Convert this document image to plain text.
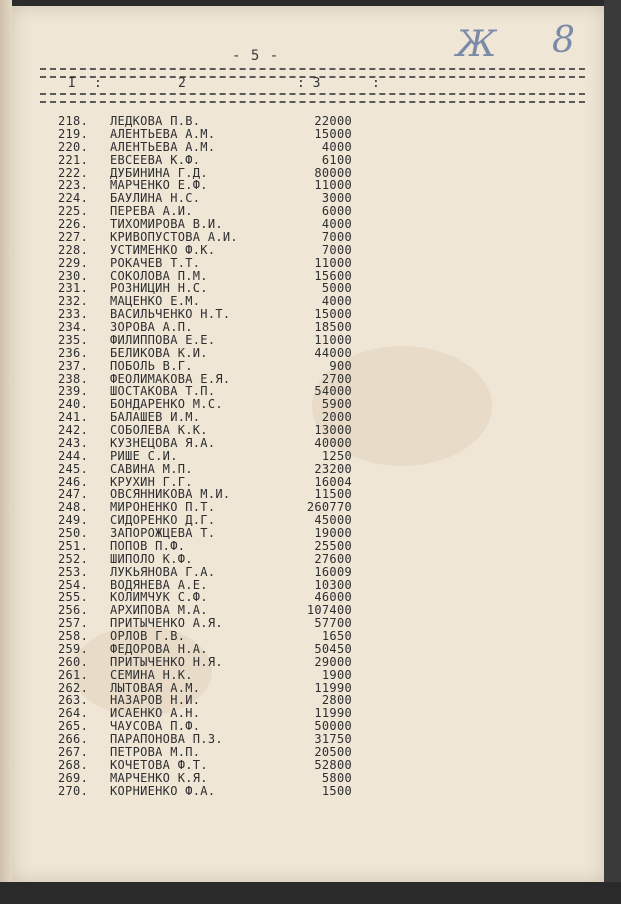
- 5 -	Ж 8
I :	2	: 3	:
218. ЛЕДКОВА П.В.	22000
219. АЛЕНТЬЕВА А.М.	15000
220. АЛЕНТЬЕВА А.М.	4000
221. ЕВСЕЕВА К.Ф.	6100
222. ДУБИНИНА Г.Д.	80000
223. МАРЧЕНКО Е.Ф.	11000
224. БАУЛИНА Н.С.	3000
225. ПЕРЕВА А.И.	6000
226. ТИХОМИРОВА В.И.	4000
227. КРИВОПУСТОВА А.И.	7000
228. УСТИМЕНКО Ф.К.	7000
229. РОКАЧЕВ Т.Т.	11000
230. СОКОЛОВА П.М.	15600
231. РОЗНИЦИН Н.С.	5000
232. МАЦЕНКО Е.М.	4000
233. ВАСИЛЬЧЕНКО Н.Т.	15000
234. ЗОРОВА А.П.	18500
235. ФИЛИППОВА Е.Е.	11000
236. БЕЛИКОВА К.И.	44000
237. ПОБОЛЬ В.Г.	900
238. ФЕОЛИМАКОВА Е.Я.	2700
239. ШОСТАКОВА Т.П.	54000
240. БОНДАРЕНКО М.С.	5900
241. БАЛАШЕВ И.М.	2000
242. СОБОЛЕВА К.К.	13000
243. КУЗНЕЦОВА Я.А.	40000
244. РИШЕ С.И.	1250
245. САВИНА М.П.	23200
246. КРУХИН Г.Г.	16004
247. ОВСЯННИКОВА М.И.	11500
248. МИРОНЕНКО П.Т.	260770
249. СИДОРЕНКО Д.Г.	45000
250. ЗАПОРОЖЦЕВА Т.	19000
251. ПОПОВ П.Ф.	25500
252. ШИПОЛО К.Ф.	27600
253. ЛУКЬЯНОВА Г.А.	16009
254. ВОДЯНЕВА А.Е.	10300
255. КОЛИМЧУК С.Ф.	46000
256. АРХИПОВА М.А.	107400
257. ПРИТЫЧЕНКО А.Я.	57700
258. ОРЛОВ Г.В.	1650
259. ФЕДОРОВА Н.А.	50450
260. ПРИТЫЧЕНКО Н.Я.	29000
261. СЕМИНА Н.К.	1900
262. ЛЫТОВАЯ А.М.	11990
263. НАЗАРОВ Н.И.	2800
264. ИСАЕНКО А.Н.	11990
265. ЧАУСОВА П.Ф.	50000
266. ПАРАПОНОВА П.З.	31750
267. ПЕТРОВА М.П.	20500
268. КОЧЕТОВА Ф.Т.	52800
269. МАРЧЕНКО К.Я.	5800
270. КОРНИЕНКО Ф.А.	1500
